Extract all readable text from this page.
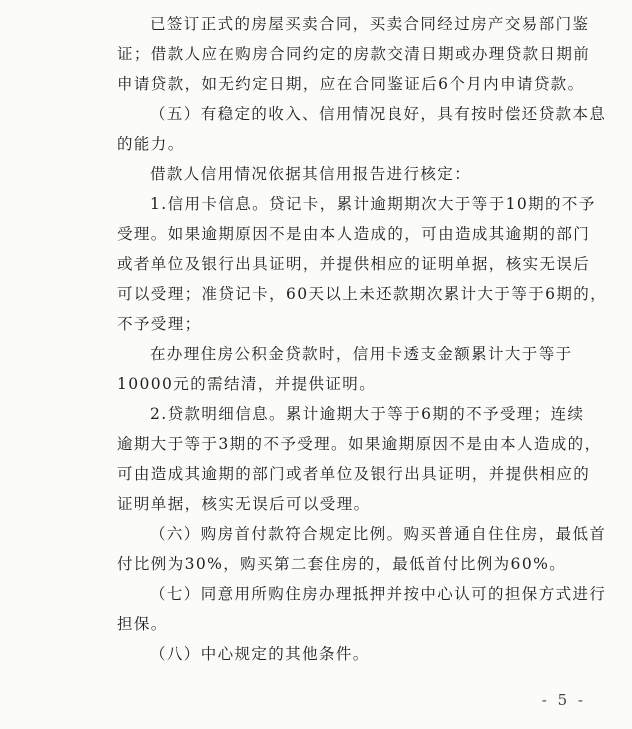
已签订正式的房屋买卖合同，买卖合同经过房产交易部门鉴
证；借款人应在购房合同约定的房款交清日期或办理贷款日期前
申请贷款，如无约定日期，应在合同鉴证后6个月内申请贷款。
（五）有稳定的收入、信用情况良好，具有按时偿还贷款本息
的能力。
借款人信用情况依据其信用报告进行核定：
1.信用卡信息。贷记卡，累计逾期期次大于等于10期的不予
受理。如果逾期原因不是由本人造成的，可由造成其逾期的部门
或者单位及银行出具证明，并提供相应的证明单据，核实无误后
可以受理；准贷记卡，60天以上未还款期次累计大于等于6期的，
不予受理；
在办理住房公积金贷款时，信用卡透支金额累计大于等于
10000元的需结清，并提供证明。
2.贷款明细信息。累计逾期大于等于6期的不予受理；连续
逾期大于等于3期的不予受理。如果逾期原因不是由本人造成的，
可由造成其逾期的部门或者单位及银行出具证明，并提供相应的
证明单据，核实无误后可以受理。
（六）购房首付款符合规定比例。购买普通自住住房，最低首
付比例为30%，购买第二套住房的，最低首付比例为60%。
（七）同意用所购住房办理抵押并按中心认可的担保方式进行
担保。
（八）中心规定的其他条件。
- 5 -
